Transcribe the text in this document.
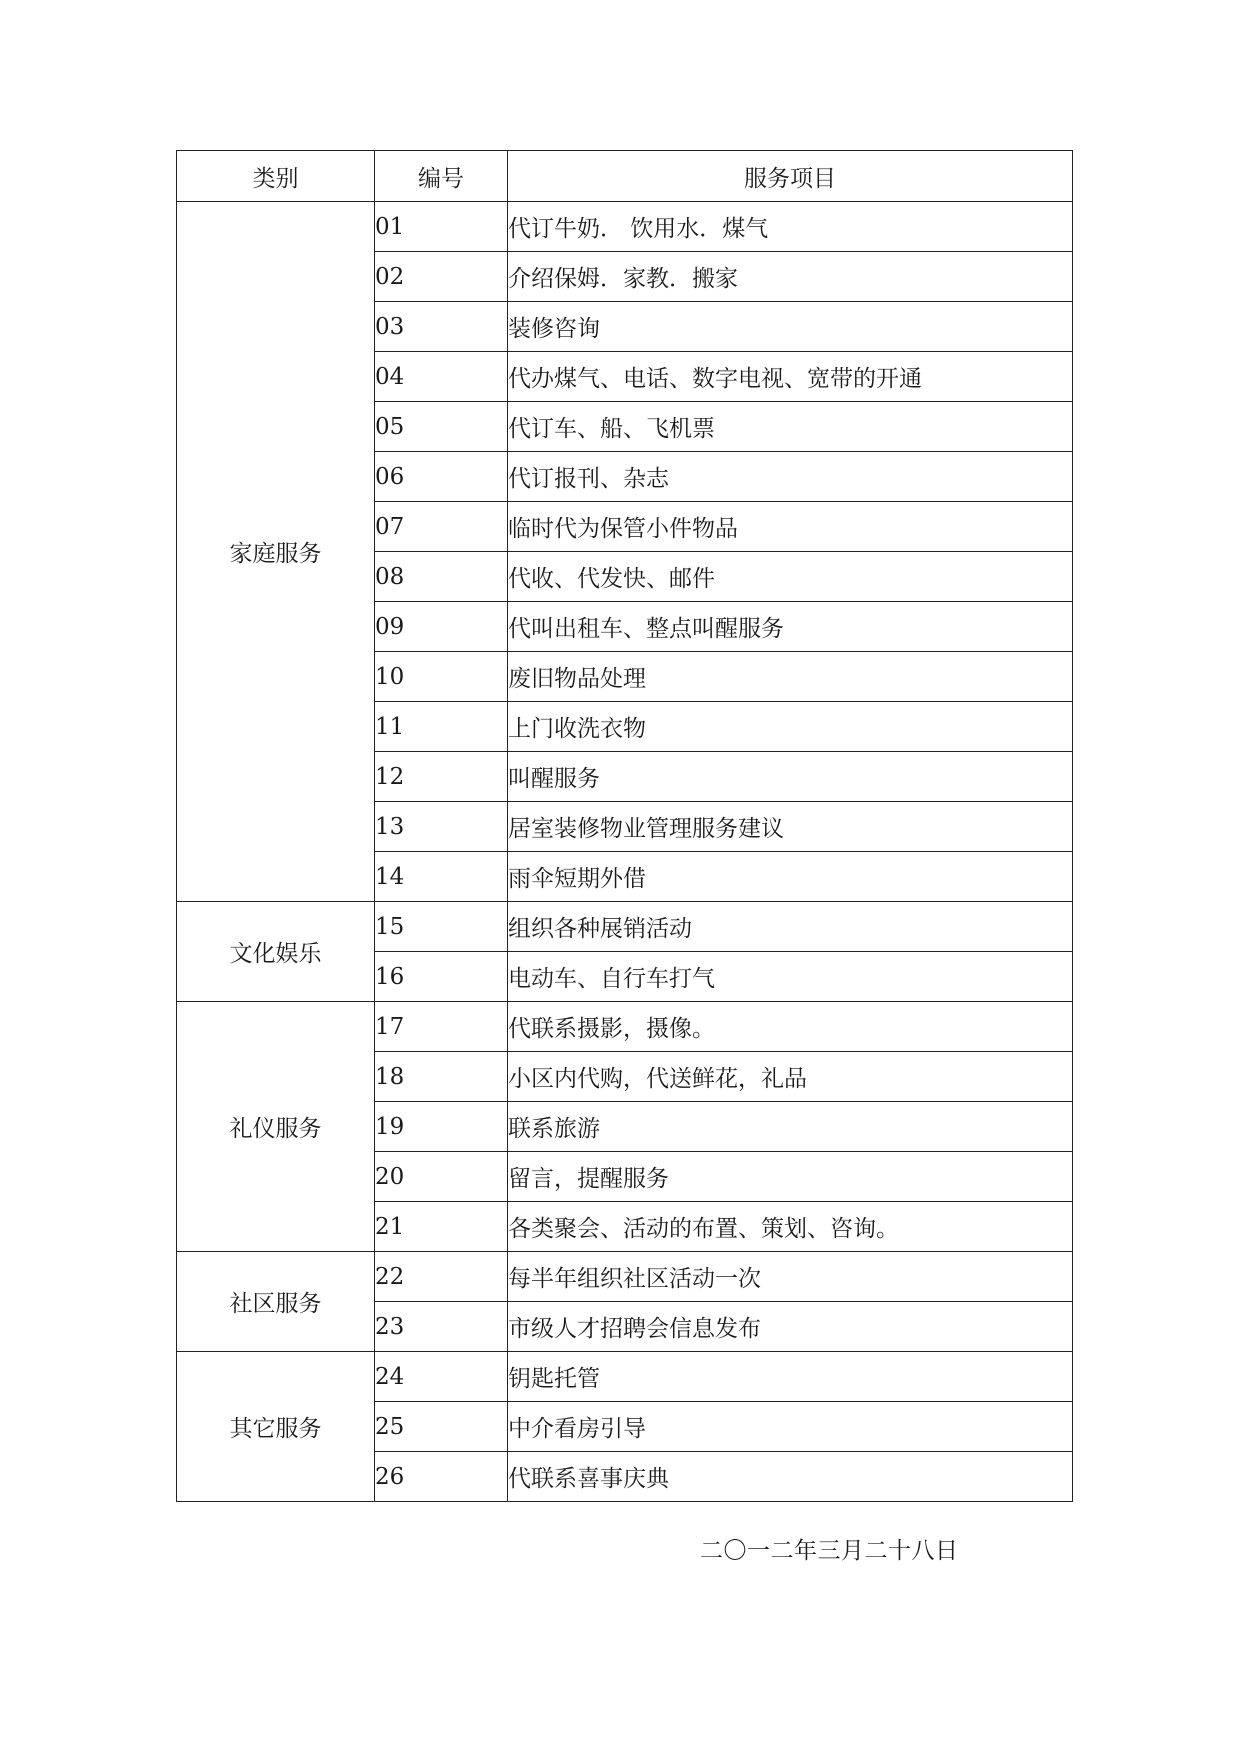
类别	编号	服务项目
家庭服务	01	代订牛奶． 饮用水．煤气
	02	介绍保姆．家教．搬家
	03	装修咨询
	04	代办煤气、电话、数字电视、宽带的开通
	05	代订车、船、飞机票
	06	代订报刊、杂志
	07	临时代为保管小件物品
	08	代收、代发快、邮件
	09	代叫出租车、整点叫醒服务
	10	废旧物品处理
	11	上门收洗衣物
	12	叫醒服务
	13	居室装修物业管理服务建议
	14	雨伞短期外借
文化娱乐	15	组织各种展销活动
	16	电动车、自行车打气
礼仪服务	17	代联系摄影，摄像。
	18	小区内代购，代送鲜花，礼品
	19	联系旅游
	20	留言，提醒服务
	21	各类聚会、活动的布置、策划、咨询。
社区服务	22	每半年组织社区活动一次
	23	市级人才招聘会信息发布
其它服务	24	钥匙托管
	25	中介看房引导
	26	代联系喜事庆典
二〇一二年三月二十八日
